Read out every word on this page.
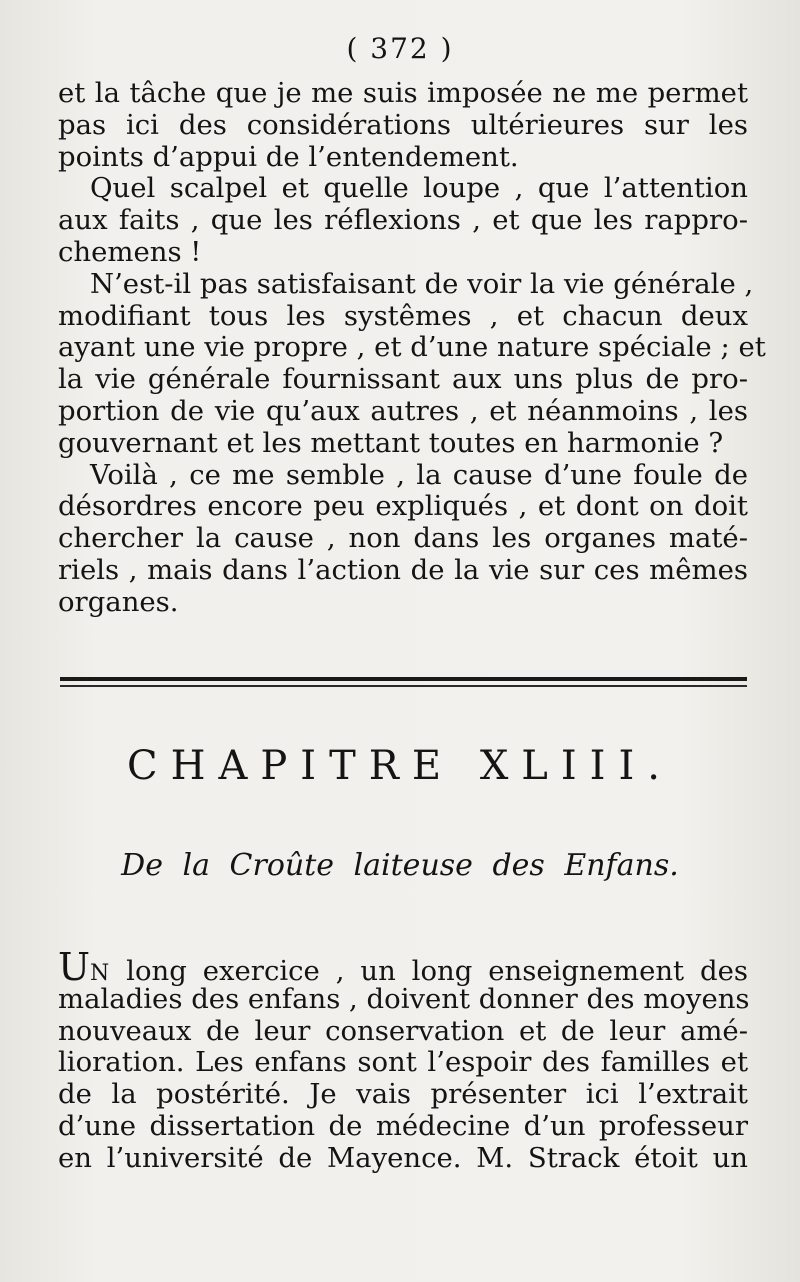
( 372 )
et la tâche que je me suis imposée ne me permet
pas ici des considérations ultérieures sur les
points d’appui de l’entendement.
Quel scalpel et quelle loupe , que l’attention
aux faits , que les réflexions , et que les rappro-
chemens !
N’est-il pas satisfaisant de voir la vie générale ,
modifiant tous les systêmes , et chacun deux
ayant une vie propre , et d’une nature spéciale ; et
la vie générale fournissant aux uns plus de pro-
portion de vie qu’aux autres , et néanmoins , les
gouvernant et les mettant toutes en harmonie ?
Voilà , ce me semble , la cause d’une foule de
désordres encore peu expliqués , et dont on doit
chercher la cause , non dans les organes maté-
riels , mais dans l’action de la vie sur ces mêmes
organes.
CHAPITRE XLIII.
De la Croûte laiteuse des Enfans.
UN long exercice , un long enseignement des
maladies des enfans , doivent donner des moyens
nouveaux de leur conservation et de leur amé-
lioration. Les enfans sont l’espoir des familles et
de la postérité. Je vais présenter ici l’extrait
d’une dissertation de médecine d’un professeur
en l’université de Mayence. M. Strack étoit un
